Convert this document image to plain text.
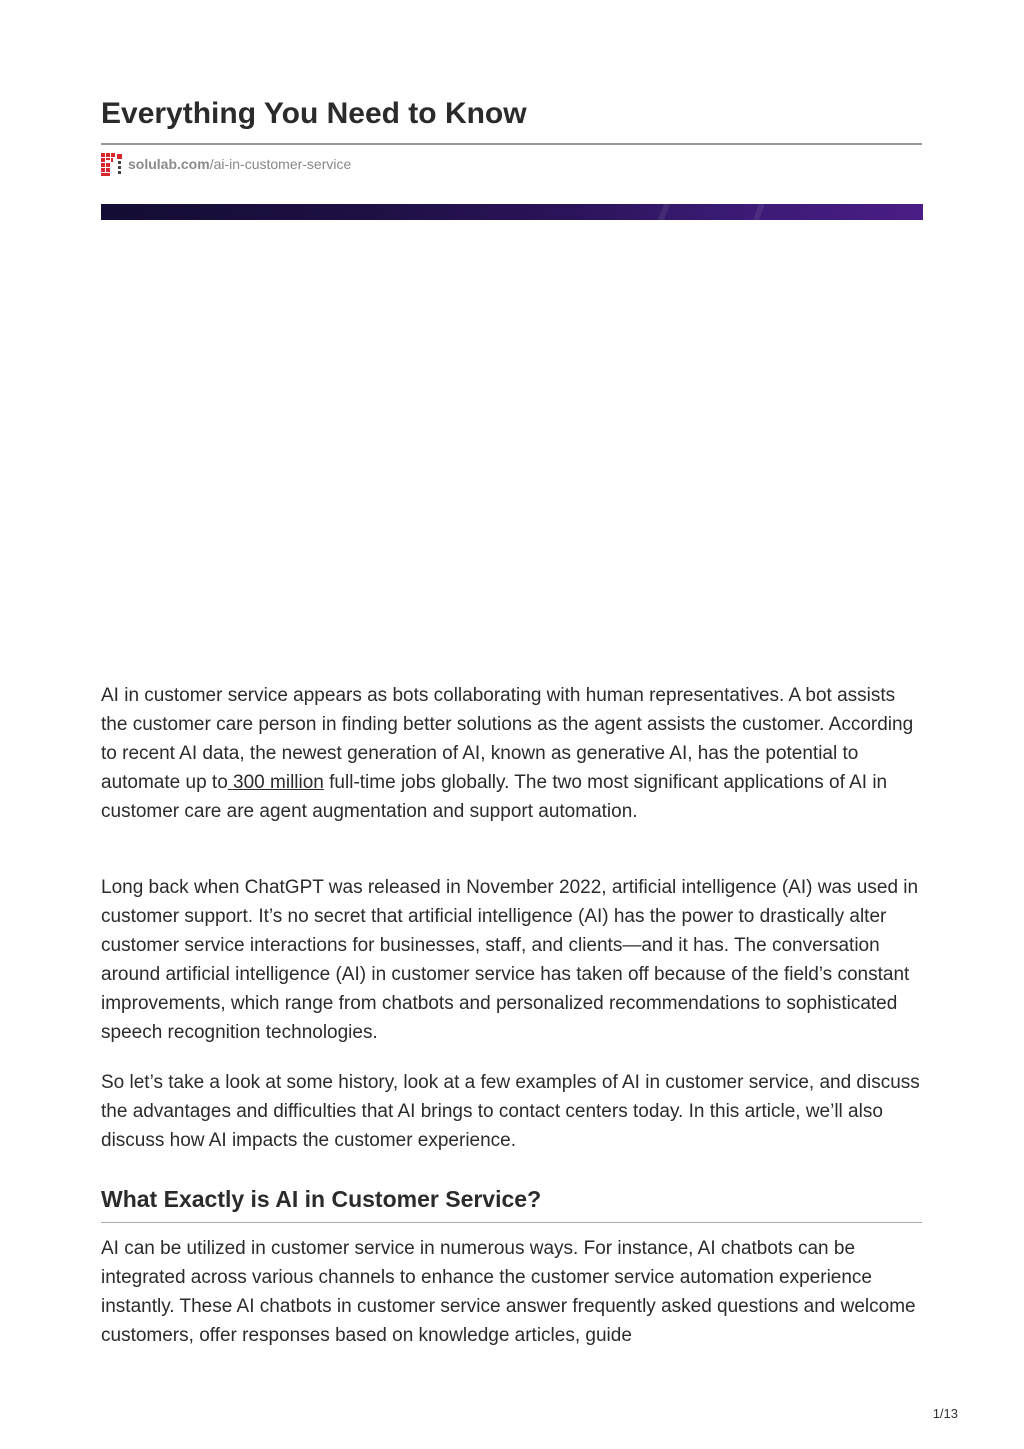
Everything You Need to Know
solulab.com/ai-in-customer-service

AI in customer service appears as bots collaborating with human representatives. A bot assists the customer care person in finding better solutions as the agent assists the customer. According to recent AI data, the newest generation of AI, known as generative AI, has the potential to automate up to 300 million full-time jobs globally. The two most significant applications of AI in customer care are agent augmentation and support automation.

Long back when ChatGPT was released in November 2022, artificial intelligence (AI) was used in customer support. It’s no secret that artificial intelligence (AI) has the power to drastically alter customer service interactions for businesses, staff, and clients—and it has. The conversation around artificial intelligence (AI) in customer service has taken off because of the field’s constant improvements, which range from chatbots and personalized recommendations to sophisticated speech recognition technologies.

So let’s take a look at some history, look at a few examples of AI in customer service, and discuss the advantages and difficulties that AI brings to contact centers today. In this article, we’ll also discuss how AI impacts the customer experience.

What Exactly is AI in Customer Service?

AI can be utilized in customer service in numerous ways. For instance, AI chatbots can be integrated across various channels to enhance the customer service automation experience instantly. These AI chatbots in customer service answer frequently asked questions and welcome customers, offer responses based on knowledge articles, guide

1/13
